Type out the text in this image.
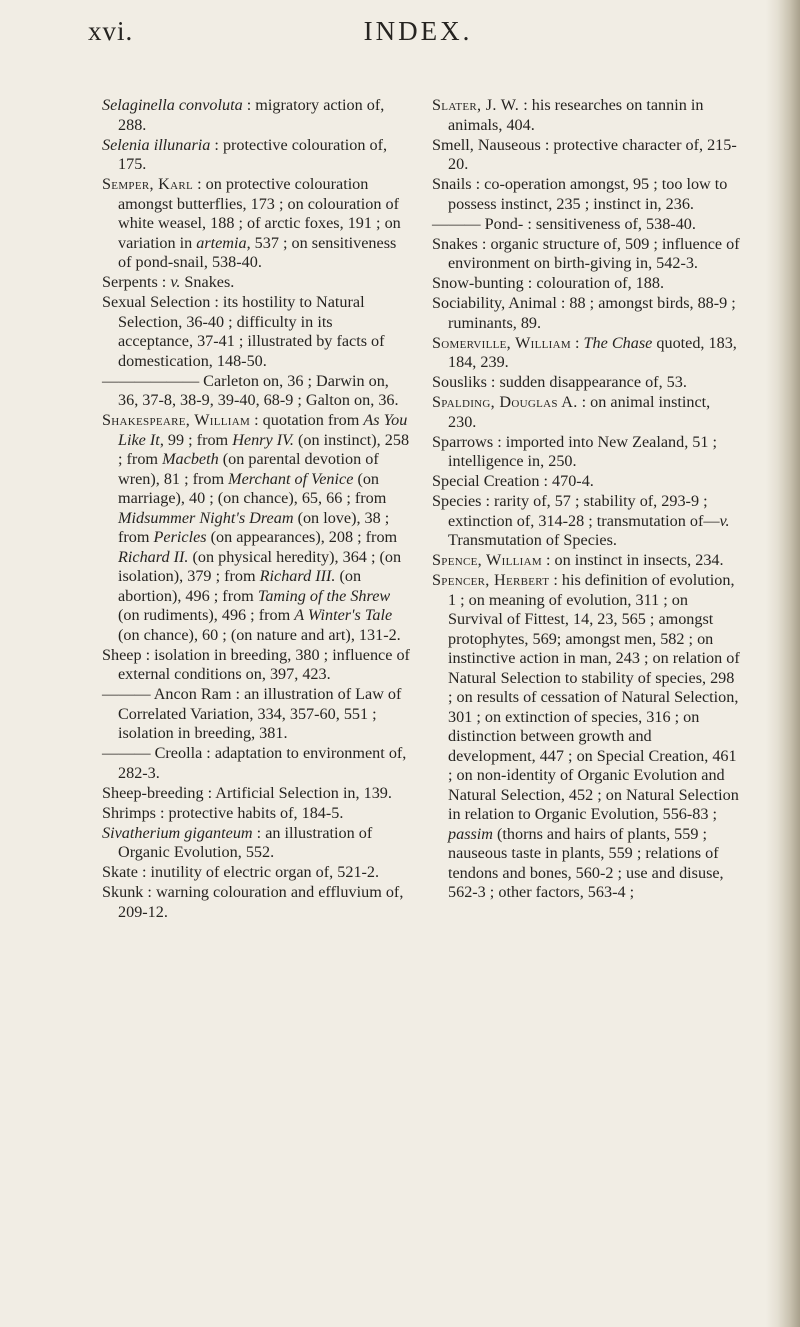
xvi.	INDEX.

Selaginella convoluta : migratory action of, 288.

Selenia illunaria : protective colouration of, 175.

Semper, Karl : on protective colouration amongst butterflies, 173 ; on colouration of white weasel, 188 ; of arctic foxes, 191 ; on variation in artemia, 537 ; on sensitiveness of pond-snail, 538-40.

Serpents : v. Snakes.

Sexual Selection : its hostility to Natural Selection, 36-40 ; difficulty in its acceptance, 37-41 ; illustrated by facts of domestication, 148-50.

—————— Carleton on, 36 ; Darwin on, 36, 37-8, 38-9, 39-40, 68-9 ; Galton on, 36.

Shakespeare, William : quotation from As You Like It, 99 ; from Henry IV. (on instinct), 258 ; from Macbeth (on parental devotion of wren), 81 ; from Merchant of Venice (on marriage), 40 ; (on chance), 65, 66 ; from Midsummer Night's Dream (on love), 38 ; from Pericles (on appearances), 208 ; from Richard II. (on physical heredity), 364 ; (on isolation), 379 ; from Richard III. (on abortion), 496 ; from Taming of the Shrew (on rudiments), 496 ; from A Winter's Tale (on chance), 60 ; (on nature and art), 131-2.

Sheep : isolation in breeding, 380 ; influence of external conditions on, 397, 423.

——— Ancon Ram : an illustration of Law of Correlated Variation, 334, 357-60, 551 ; isolation in breeding, 381.

——— Creolla : adaptation to environment of, 282-3.

Sheep-breeding : Artificial Selection in, 139.

Shrimps : protective habits of, 184-5.

Sivatherium giganteum : an illustration of Organic Evolution, 552.

Skate : inutility of electric organ of, 521-2.

Skunk : warning colouration and effluvium of, 209-12.

Slater, J. W. : his researches on tannin in animals, 404.

Smell, Nauseous : protective character of, 215-20.

Snails : co-operation amongst, 95 ; too low to possess instinct, 235 ; instinct in, 236.

——— Pond- : sensitiveness of, 538-40.

Snakes : organic structure of, 509 ; influence of environment on birth-giving in, 542-3.

Snow-bunting : colouration of, 188.

Sociability, Animal : 88 ; amongst birds, 88-9 ; ruminants, 89.

Somerville, William : The Chase quoted, 183, 184, 239.

Sousliks : sudden disappearance of, 53.

Spalding, Douglas A. : on animal instinct, 230.

Sparrows : imported into New Zealand, 51 ; intelligence in, 250.

Special Creation : 470-4.

Species : rarity of, 57 ; stability of, 293-9 ; extinction of, 314-28 ; transmutation of—v. Transmutation of Species.

Spence, William : on instinct in insects, 234.

Spencer, Herbert : his definition of evolution, 1 ; on meaning of evolution, 311 ; on Survival of Fittest, 14, 23, 565 ; amongst protophytes, 569; amongst men, 582 ; on instinctive action in man, 243 ; on relation of Natural Selection to stability of species, 298 ; on results of cessation of Natural Selection, 301 ; on extinction of species, 316 ; on distinction between growth and development, 447 ; on Special Creation, 461 ; on non-identity of Organic Evolution and Natural Selection, 452 ; on Natural Selection in relation to Organic Evolution, 556-83 ; passim (thorns and hairs of plants, 559 ; nauseous taste in plants, 559 ; relations of tendons and bones, 560-2 ; use and disuse, 562-3 ; other factors, 563-4 ;
